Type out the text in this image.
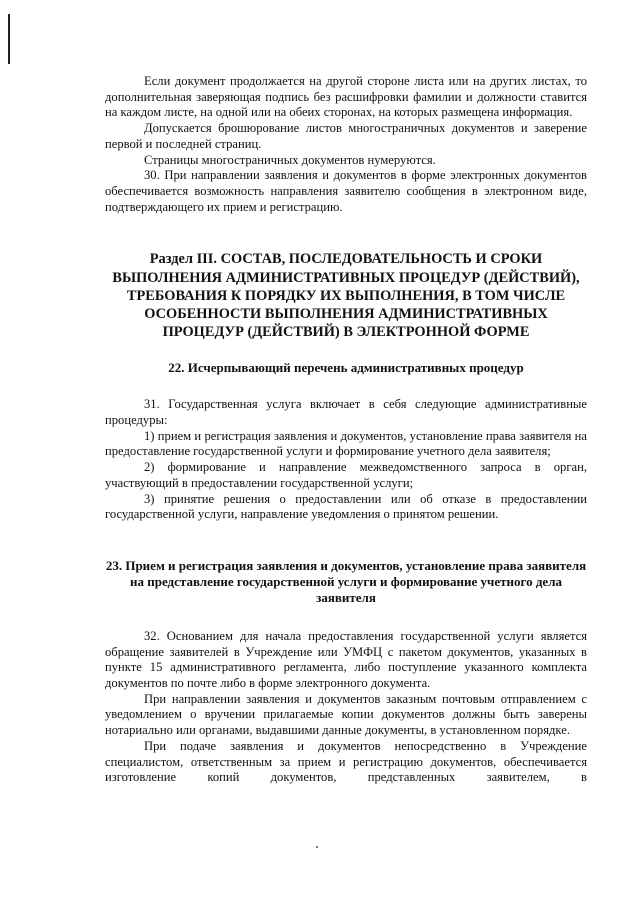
Если документ продолжается на другой стороне листа или на других листах, то дополнительная заверяющая подпись без расшифровки фамилии и должности ставится на каждом листе, на одной или на обеих сторонах, на которых размещена информация.

Допускается брошюрование листов многостраничных документов и заверение первой и последней страниц.

Страницы многостраничных документов нумеруются.

30. При направлении заявления и документов в форме электронных документов обеспечивается возможность направления заявителю сообщения в электронном виде, подтверждающего их прием и регистрацию.

Раздел III. СОСТАВ, ПОСЛЕДОВАТЕЛЬНОСТЬ И СРОКИ ВЫПОЛНЕНИЯ АДМИНИСТРАТИВНЫХ ПРОЦЕДУР (ДЕЙСТВИЙ), ТРЕБОВАНИЯ К ПОРЯДКУ ИХ ВЫПОЛНЕНИЯ, В ТОМ ЧИСЛЕ ОСОБЕННОСТИ ВЫПОЛНЕНИЯ АДМИНИСТРАТИВНЫХ ПРОЦЕДУР (ДЕЙСТВИЙ) В ЭЛЕКТРОННОЙ ФОРМЕ
22. Исчерпывающий перечень административных процедур

31. Государственная услуга включает в себя следующие административные процедуры:

1) прием и регистрация заявления и документов, установление права заявителя на предоставление государственной услуги и формирование учетного дела заявителя;

2) формирование и направление межведомственного запроса в орган, участвующий в предоставлении государственной услуги;

3) принятие решения о предоставлении или об отказе в предоставлении государственной услуги, направление уведомления о принятом решении.

23. Прием и регистрация заявления и документов, установление права заявителя на представление государственной услуги и формирование учетного дела заявителя

32. Основанием для начала предоставления государственной услуги является обращение заявителей в Учреждение или УМФЦ с пакетом документов, указанных в пункте 15 административного регламента, либо поступление указанного комплекта документов по почте либо в форме электронного документа.

При направлении заявления и документов заказным почтовым отправлением с уведомлением о вручении прилагаемые копии документов должны быть заверены нотариально или органами, выдавшими данные документы, в установленном порядке.

При подаче заявления и документов непосредственно в Учреждение специалистом, ответственным за прием и регистрацию документов, обеспечивается изготовление копий документов, представленных заявителем, в
